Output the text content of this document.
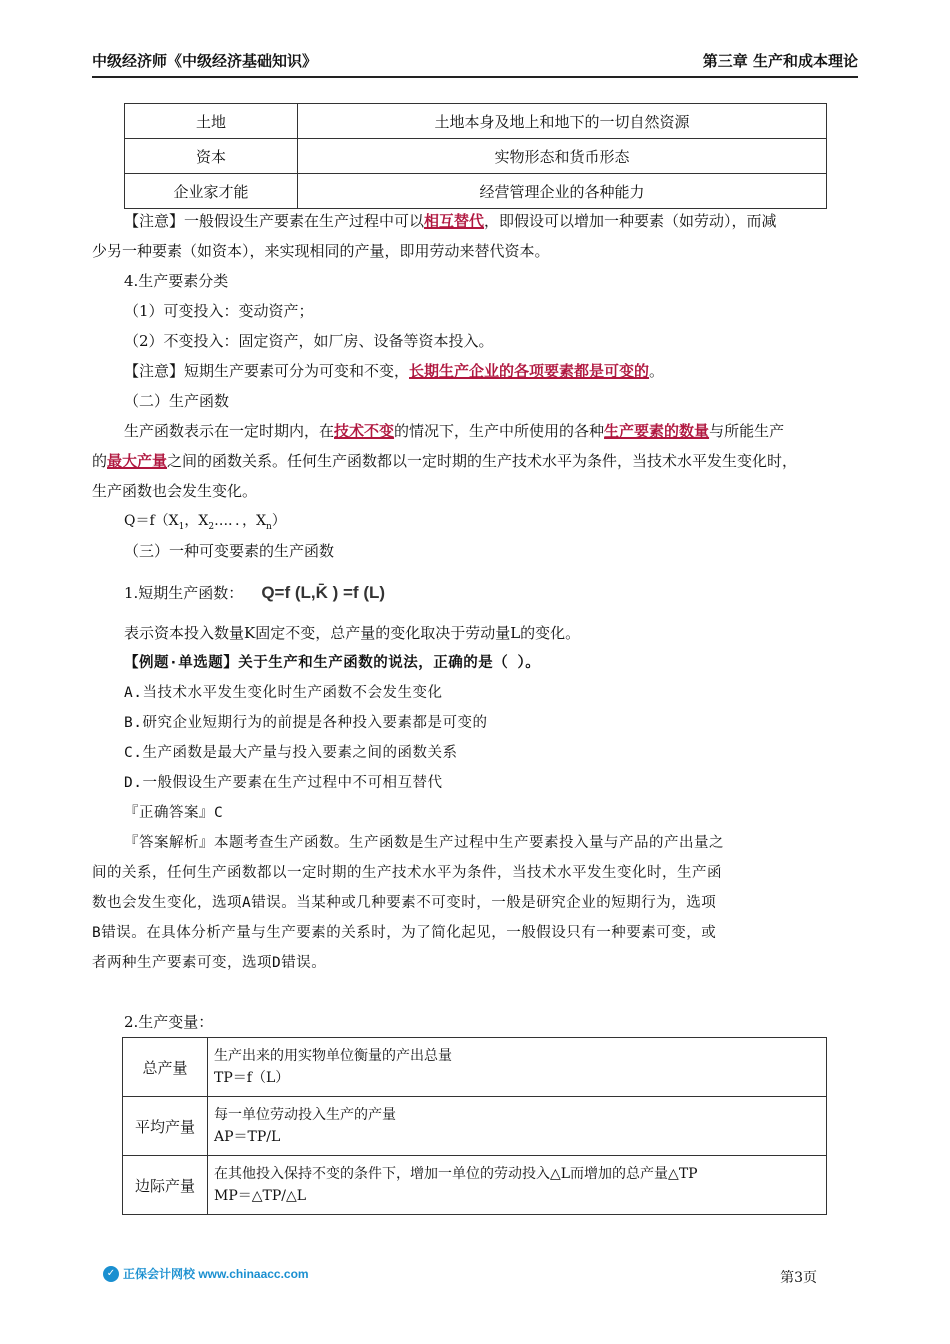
中级经济师《中级经济基础知识》	第三章 生产和成本理论
土地	土地本身及地上和地下的一切自然资源
资本	实物形态和货币形态
企业家才能	经营管理企业的各种能力
【注意】一般假设生产要素在生产过程中可以相互替代，即假设可以增加一种要素（如劳动），而减
少另一种要素（如资本），来实现相同的产量，即用劳动来替代资本。
4.生产要素分类
（1）可变投入：变动资产；
（2）不变投入：固定资产，如厂房、设备等资本投入。
【注意】短期生产要素可分为可变和不变，长期生产企业的各项要素都是可变的。
（二）生产函数
生产函数表示在一定时期内，在技术不变的情况下，生产中所使用的各种生产要素的数量与所能生产
的最大产量之间的函数关系。任何生产函数都以一定时期的生产技术水平为条件，当技术水平发生变化时，
生产函数也会发生变化。
$Q=f(X_1$，$X_2\dots$．．，$X_n$）
（三）一种可变要素的生产函数
1.短期生产函数： Q=f (L,K̄ ) =f (L)
表示资本投入数量K固定不变，总产量的变化取决于劳动量L的变化。
【例题·单选题】关于生产和生产函数的说法，正确的是（ ）。
A.当技术水平发生变化时生产函数不会发生变化
B.研究企业短期行为的前提是各种投入要素都是可变的
C.生产函数是最大产量与投入要素之间的函数关系
D.一般假设生产要素在生产过程中不可相互替代
『正确答案』C
『答案解析』本题考查生产函数。生产函数是生产过程中生产要素投入量与产品的产出量之
间的关系，任何生产函数都以一定时期的生产技术水平为条件，当技术水平发生变化时，生产函
数也会发生变化，选项A错误。当某种或几种要素不可变时，一般是研究企业的短期行为，选项
B错误。在具体分析产量与生产要素的关系时，为了简化起见，一般假设只有一种要素可变，或
者两种生产要素可变，选项D错误。
2.生产变量：
总产量	生产出来的用实物单位衡量的产出总量
TP＝f（L）

平均产量	每一单位劳动投入生产的产量
AP＝TP/L

边际产量	在其他投入保持不变的条件下，增加一单位的劳动投入△L而增加的总产量△TP
MP＝△TP/△L
✓ 正保会计网校 www.chinaacc.com	第3页
